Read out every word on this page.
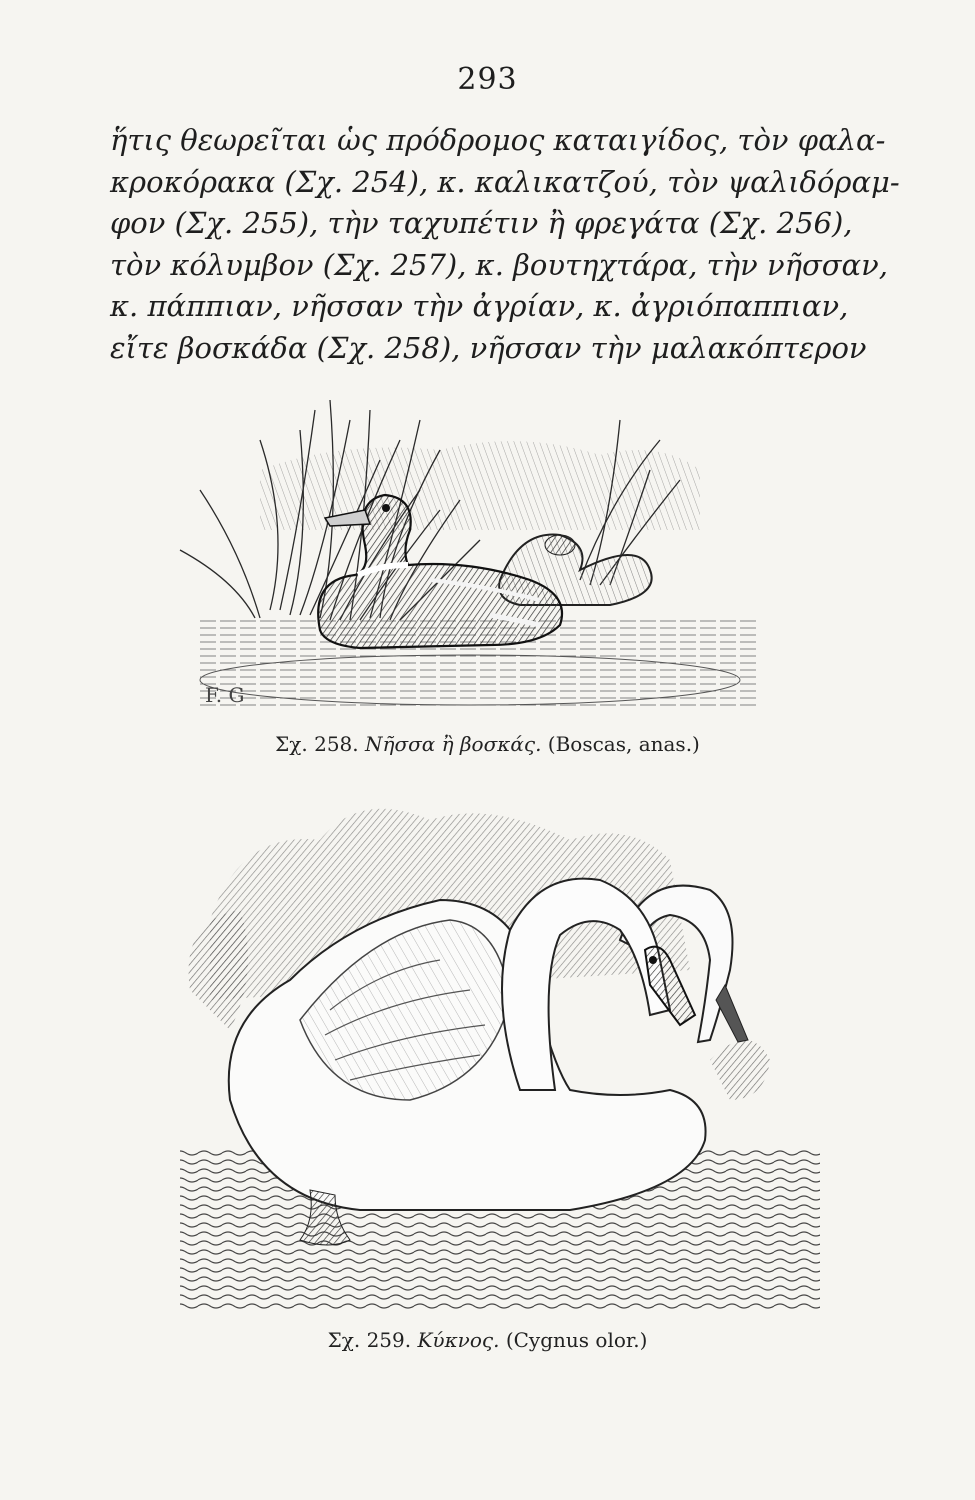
293
ἥτις θεωρεῖται ὡς πρόδρομος καταιγίδος, τὸν φαλα-
κροκόρακα (Σχ. 254), κ. καλικατζού, τὸν ψαλιδόραμ-
φον (Σχ. 255), τὴν ταχυπέτιν ἢ φρεγάτα (Σχ. 256),
τὸν κόλυμβον (Σχ. 257), κ. βουτηχτάρα, τὴν νῆσσαν,
κ. πάππιαν, νῆσσαν τὴν ἀγρίαν, κ. ἀγριόπαππιαν,
εἴτε βοσκάδα (Σχ. 258), νῆσσαν τὴν μαλακόπτερον
F. G
Σχ. 258. Νῆσσα ἢ βοσκάς. (Boscas, anas.)
Σχ. 259. Κύκνος. (Cygnus olor.)
